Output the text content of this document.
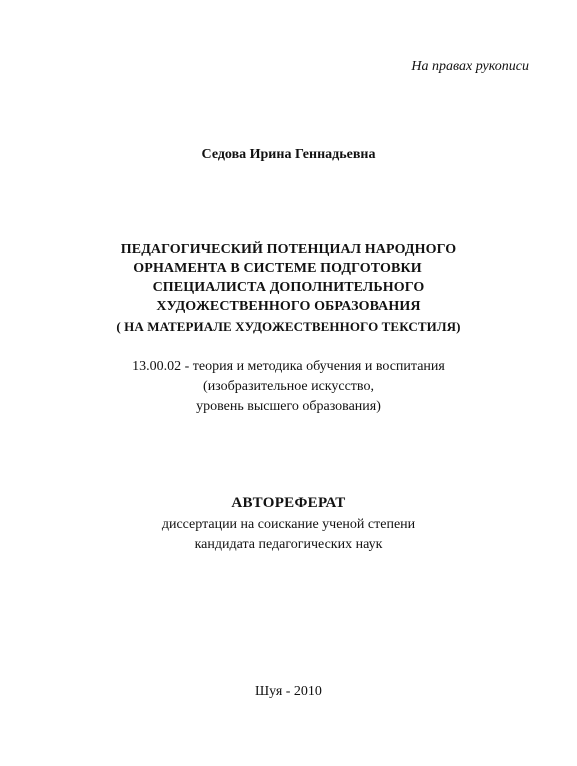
На правах рукописи
Седова Ирина Геннадьевна
ПЕДАГОГИЧЕСКИЙ ПОТЕНЦИАЛ НАРОДНОГО
ОРНАМЕНТА В СИСТЕМЕ ПОДГОТОВКИ
СПЕЦИАЛИСТА ДОПОЛНИТЕЛЬНОГО
ХУДОЖЕСТВЕННОГО ОБРАЗОВАНИЯ
( НА МАТЕРИАЛЕ ХУДОЖЕСТВЕННОГО ТЕКСТИЛЯ)
13.00.02 - теория и методика обучения и воспитания
(изобразительное искусство,
уровень высшего образования)
АВТОРЕФЕРАТ
диссертации на соискание ученой степени
кандидата педагогических наук
Шуя - 2010
